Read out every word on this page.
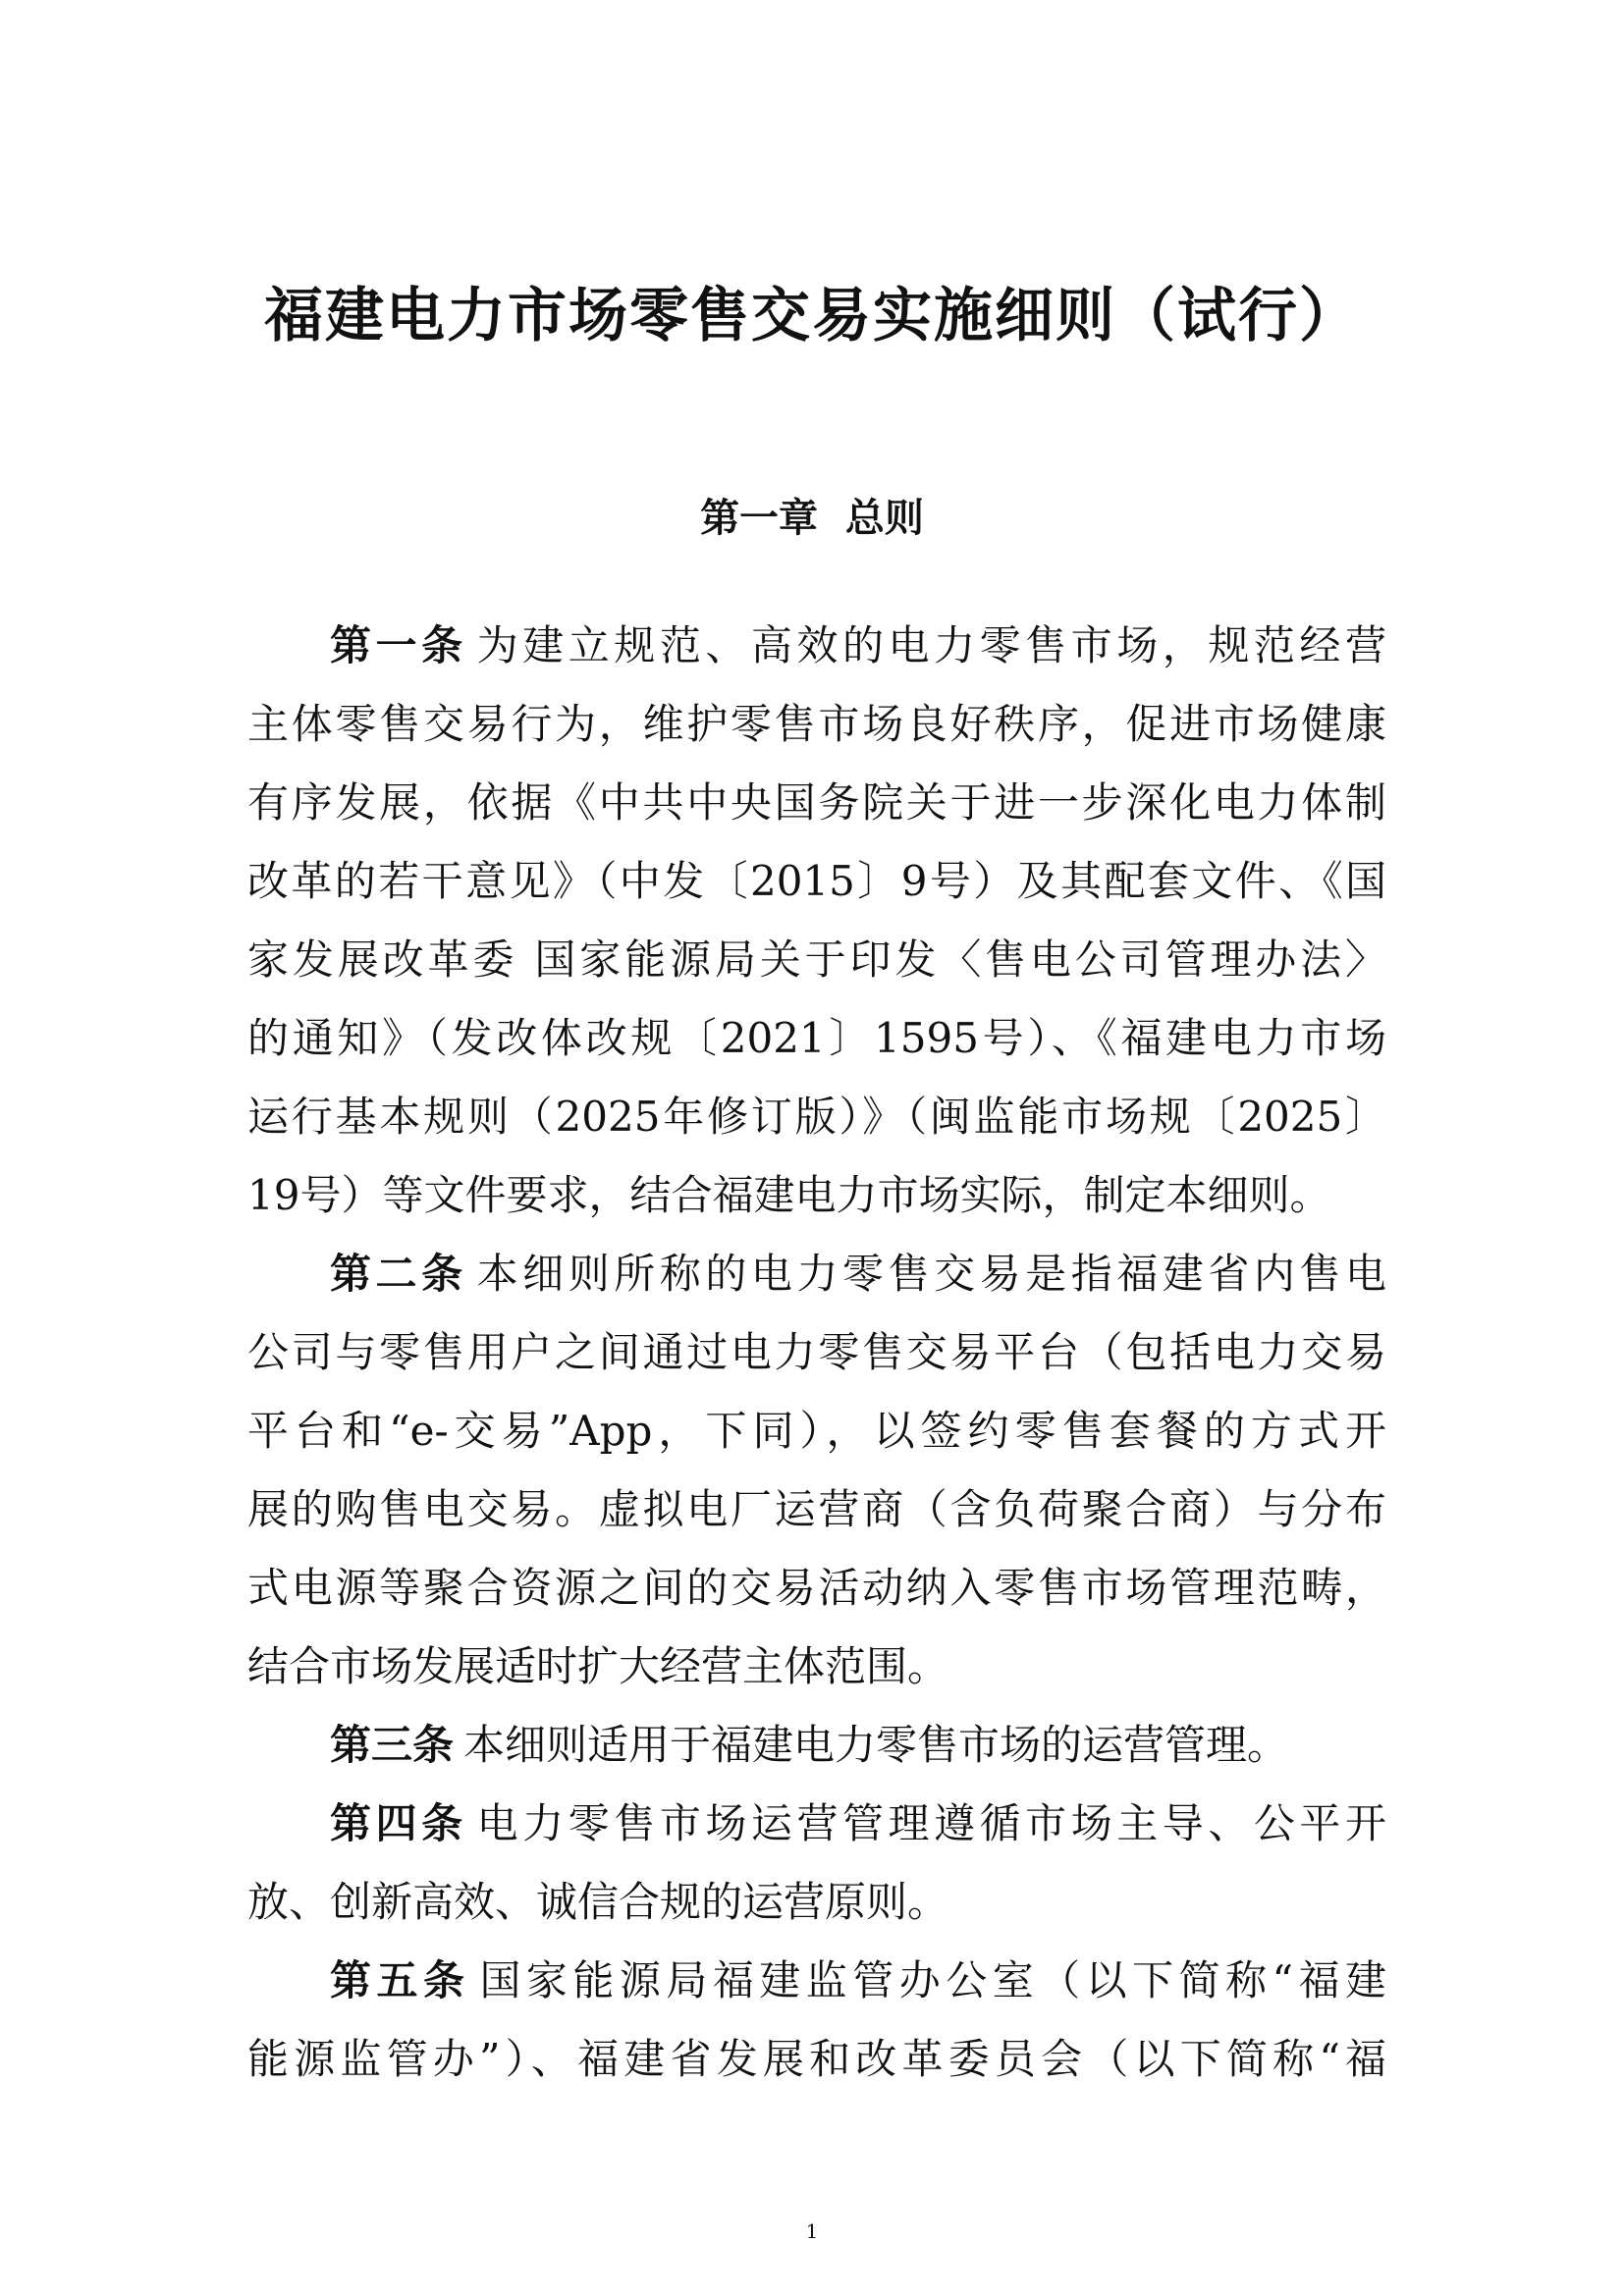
福建电力市场零售交易实施细则（试行）
第一章 总则
第一条 为建立规范、高效的电力零售市场，规范经营
主体零售交易行为，维护零售市场良好秩序，促进市场健康
有序发展，依据《中共中央国务院关于进一步深化电力体制
改革的若干意见》（中发〔2015〕9号）及其配套文件、《国
家发展改革委 国家能源局关于印发〈售电公司管理办法〉
的通知》（发改体改规〔2021〕1595号）、《福建电力市场
运行基本规则（2025年修订版）》（闽监能市场规〔2025〕
19号）等文件要求，结合福建电力市场实际，制定本细则。
第二条 本细则所称的电力零售交易是指福建省内售电
公司与零售用户之间通过电力零售交易平台（包括电力交易
平台和“e-交易”App，下同），以签约零售套餐的方式开
展的购售电交易。虚拟电厂运营商（含负荷聚合商）与分布
式电源等聚合资源之间的交易活动纳入零售市场管理范畴，
结合市场发展适时扩大经营主体范围。
第三条 本细则适用于福建电力零售市场的运营管理。
第四条 电力零售市场运营管理遵循市场主导、公平开
放、创新高效、诚信合规的运营原则。
第五条 国家能源局福建监管办公室（以下简称“福建
能源监管办”）、福建省发展和改革委员会（以下简称“福
1
